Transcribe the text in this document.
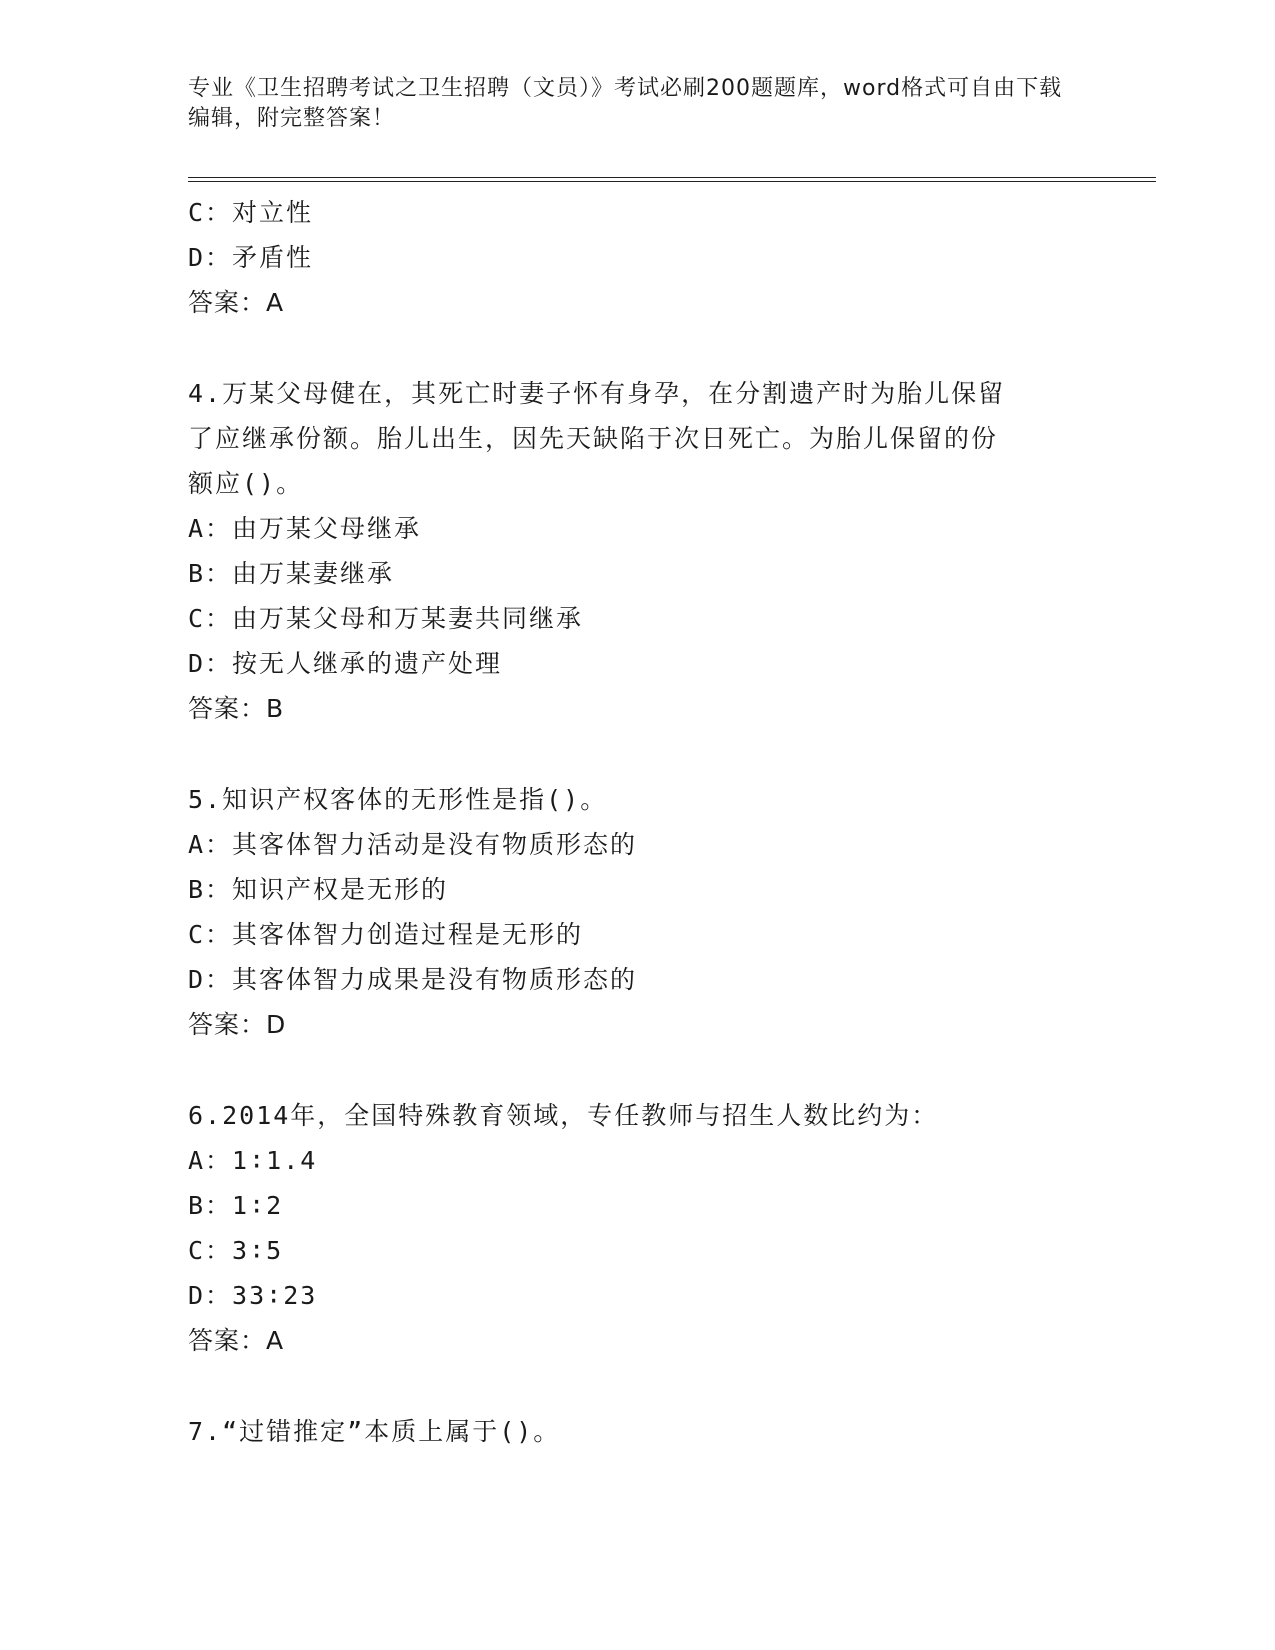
专业《卫生招聘考试之卫生招聘（文员）》考试必刷200题题库，word格式可自由下载编辑，附完整答案！
C：对立性
D：矛盾性
答案：A
4.万某父母健在，其死亡时妻子怀有身孕，在分割遗产时为胎儿保留
了应继承份额。胎儿出生，因先天缺陷于次日死亡。为胎儿保留的份
额应()。
A：由万某父母继承
B：由万某妻继承
C：由万某父母和万某妻共同继承
D：按无人继承的遗产处理
答案：B
5.知识产权客体的无形性是指()。
A：其客体智力活动是没有物质形态的
B：知识产权是无形的
C：其客体智力创造过程是无形的
D：其客体智力成果是没有物质形态的
答案：D
6.2014年，全国特殊教育领域，专任教师与招生人数比约为：
A：1∶1.4
B：1∶2
C：3∶5
D：33∶23
答案：A
7.“过错推定”本质上属于()。
